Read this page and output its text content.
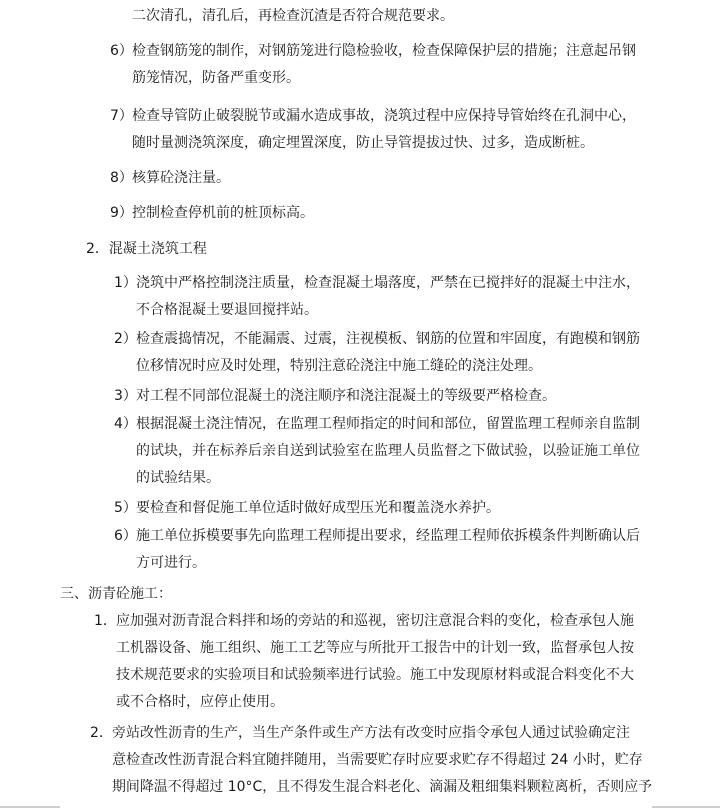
二次清孔，清孔后，再检查沉渣是否符合规范要求。
6） 检查钢筋笼的制作，对钢筋笼进行隐检验收，检查保障保护层的措施；注意起吊钢
筋笼情况，防备严重变形。
7） 检查导管防止破裂脱节或漏水造成事故，浇筑过程中应保持导管始终在孔洞中心，
随时量测浇筑深度，确定埋置深度，防止导管提拔过快、过多，造成断桩。
8） 核算砼浇注量。
9） 控制检查停机前的桩顶标高。
2．混凝土浇筑工程
1） 浇筑中严格控制浇注质量，检查混凝土塌落度，严禁在已搅拌好的混凝土中注水，
不合格混凝土要退回搅拌站。
2） 检查震捣情况，不能漏震、过震，注视模板、钢筋的位置和牢固度，有跑模和钢筋
位移情况时应及时处理，特别注意砼浇注中施工缝砼的浇注处理。
3） 对工程不同部位混凝土的浇注顺序和浇注混凝土的等级要严格检查。
4） 根据混凝土浇注情况，在监理工程师指定的时间和部位，留置监理工程师亲自监制
的试块，并在标养后亲自送到试验室在监理人员监督之下做试验，以验证施工单位
的试验结果。
5） 要检查和督促施工单位适时做好成型压光和覆盖浇水养护。
6） 施工单位拆模要事先向监理工程师提出要求，经监理工程师依拆模条件判断确认后
方可进行。
三、沥青砼施工：
1． 应加强对沥青混合料拌和场的旁站的和巡视，密切注意混合料的变化，检查承包人施
工机器设备、施工组织、施工工艺等应与所批开工报告中的计划一致，监督承包人按
技术规范要求的实验项目和试验频率进行试验。施工中发现原材料或混合料变化不大
或不合格时，应停止使用。
2． 旁站改性沥青的生产，当生产条件或生产方法有改变时应指令承包人通过试验确定注
意检查改性沥青混合料宜随拌随用，当需要贮存时应要求贮存不得超过 24 小时，贮存
期间降温不得超过 10°C，且不得发生混合料老化、滴漏及粗细集料颗粒离析，否则应予
